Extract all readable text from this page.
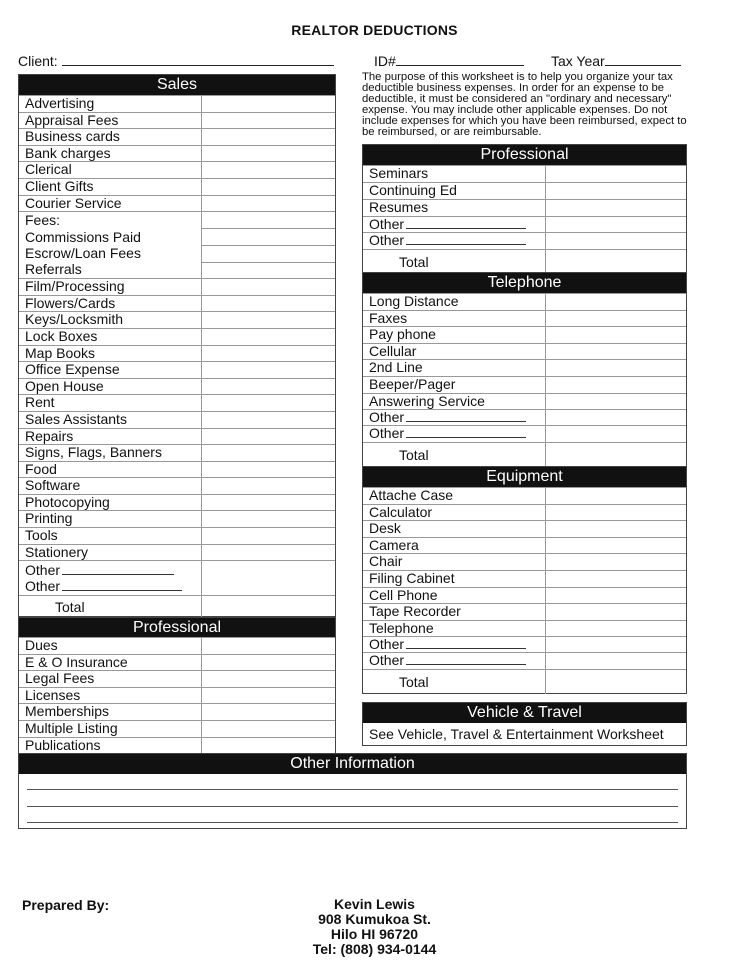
REALTOR DEDUCTIONS
Client:	ID#	Tax Year
The purpose of this worksheet is to help you organize your tax deductible business expenses. In order for an expense to be deductible, it must be considered an "ordinary and necessary" expense. You may include other applicable expenses. Do not include expenses for which you have been reimbursed, expect to be reimbursed, or are reimbursable.
Sales
Advertising
Appraisal Fees
Business cards
Bank charges
Clerical
Client Gifts
Courier Service
Fees:
Commissions Paid
Escrow/Loan Fees
Referrals
Film/Processing
Flowers/Cards
Keys/Locksmith
Lock Boxes
Map Books
Office Expense
Open House
Rent
Sales Assistants
Repairs
Signs, Flags, Banners
Food
Software
Photocopying
Printing
Tools
Stationery
Other
Other
Total
Professional
Dues
E & O Insurance
Legal Fees
Licenses
Memberships
Multiple Listing
Publications
Professional
Seminars
Continuing Ed
Resumes
Other
Other
Total
Telephone
Long Distance
Faxes
Pay phone
Cellular
2nd Line
Beeper/Pager
Answering Service
Other
Other
Total
Equipment
Attache Case
Calculator
Desk
Camera
Chair
Filing Cabinet
Cell Phone
Tape Recorder
Telephone
Other
Other
Total
Vehicle & Travel
See Vehicle, Travel & Entertainment Worksheet
Other Information
Prepared By:	Kevin Lewis
908 Kumukoa St.
Hilo HI 96720
Tel: (808) 934-0144
